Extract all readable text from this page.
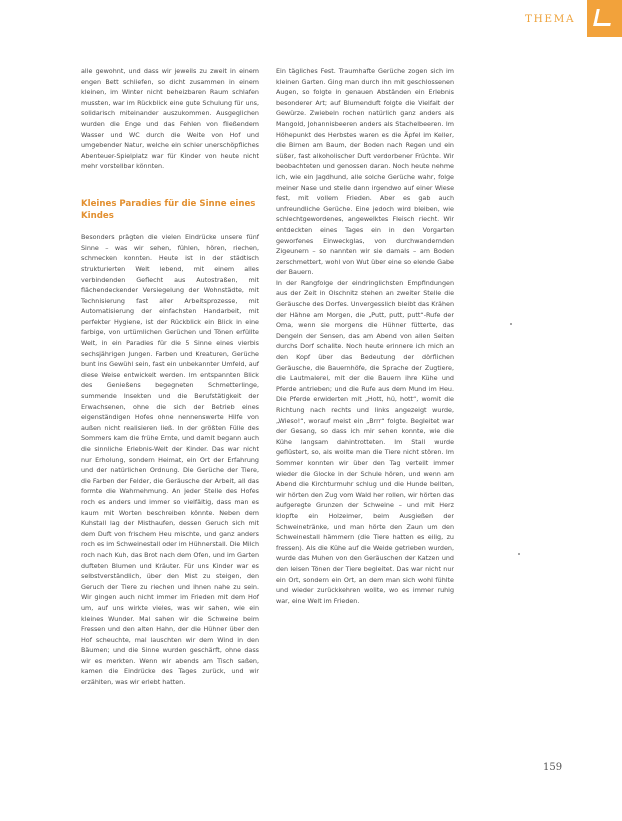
THEMA

alle gewohnt, und dass wir jeweils zu zweit in einem engen Bett schliefen, so dicht zusammen in einem kleinen, im Winter nicht beheizbaren Raum schlafen mussten, war im Rückblick eine gute Schulung für uns, solidarisch miteinander auszukommen. Ausgeglichen wurden die Enge und das Fehlen von fließendem Wasser und WC durch die Weite von Hof und umgebender Natur, welche ein schier unerschöpfliches Abenteuer-Spielplatz war für Kinder von heute nicht mehr vorstellbar könnten.

Kleines Paradies für die Sinne eines Kindes

Besonders prägten die vielen Eindrücke unsere fünf Sinne – was wir sehen, fühlen, hören, riechen, schmecken konnten. Heute ist in der städtisch strukturierten Welt lebend, mit einem alles verbindenden Geflecht aus Autostraßen, mit flächendeckender Versiegelung der Wohnstädte, mit Technisierung fast aller Arbeitsprozesse, mit Automatisierung der einfachsten Handarbeit, mit perfekter Hygiene, ist der Rückblick ein Blick in eine farbige, von urtümlichen Gerüchen und Tönen erfüllte Welt, in ein Paradies für die 5 Sinne eines vierbis sechsjährigen Jungen. Farben und Kreaturen, Gerüche bunt ins Gewühl sein, fast ein unbekannter Umfeld, auf diese Weise entwickelt werden. Im entspannten Blick des Genießens begegneten Schmetterlinge, summende Insekten und die Berufstätigkeit der Erwachsenen, ohne die sich der Betrieb eines eigenständigen Hofes ohne nennenswerte Hilfe von außen nicht realisieren ließ. In der größten Fülle des Sommers kam die frühe Ernte, und damit begann auch die sinnliche Erlebnis-Welt der Kinder. Das war nicht nur Erholung, sondern Heimat, ein Ort der Erfahrung und der natürlichen Ordnung. Die Gerüche der Tiere, die Farben der Felder, die Geräusche der Arbeit, all das formte die Wahrnehmung. An jeder Stelle des Hofes roch es anders und immer so vielfältig, dass man es kaum mit Worten beschreiben könnte. Neben dem Kuhstall lag der Misthaufen, dessen Geruch sich mit dem Duft von frischem Heu mischte, und ganz anders roch es im Schweinestall oder im Hühnerstall. Die Milch roch nach Kuh, das Brot nach dem Ofen, und im Garten dufteten Blumen und Kräuter. Für uns Kinder war es selbstverständlich, über den Mist zu steigen, den Geruch der Tiere zu riechen und ihnen nahe zu sein. Wir gingen auch nicht immer im Frieden mit dem Hof um, auf uns wirkte vieles, was wir sahen, wie ein kleines Wunder. Mal sahen wir die Schweine beim Fressen und den alten Hahn, der die Hühner über den Hof scheuchte, mal lauschten wir dem Wind in den Bäumen; und die Sinne wurden geschärft, ohne dass wir es merkten. Wenn wir abends am Tisch saßen, kamen die Eindrücke des Tages zurück, und wir erzählten, was wir erlebt hatten.

Ein tägliches Fest. Traumhafte Gerüche zogen sich im kleinen Garten. Ging man durch ihn mit geschlossenen Augen, so folgte in genauen Abständen ein Erlebnis besonderer Art; auf Blumenduft folgte die Vielfalt der Gewürze. Zwiebeln rochen natürlich ganz anders als Mangold, Johannisbeeren anders als Stachelbeeren. Im Höhepunkt des Herbstes waren es die Äpfel im Keller, die Birnen am Baum, der Boden nach Regen und ein süßer, fast alkoholischer Duft verdorbener Früchte. Wir beobachteten und genossen daran. Noch heute nehme ich, wie ein Jagdhund, alle solche Gerüche wahr, folge meiner Nase und stelle dann irgendwo auf einer Wiese fest, mit vollem Frieden. Aber es gab auch unfreundliche Gerüche. Eine jedoch wird bleiben, wie schlechtgewordenes, angewelktes Fleisch riecht. Wir entdeckten eines Tages ein in den Vorgarten geworfenes Einweckglas, von durchwandernden Zigeunern – so nannten wir sie damals – am Boden zerschmettert, wohl von Wut über eine so elende Gabe der Bauern.

In der Rangfolge der eindringlichsten Empfindungen aus der Zeit in Olschnitz stehen an zweiter Stelle die Geräusche des Dorfes. Unvergesslich bleibt das Krähen der Hähne am Morgen, die „Putt, putt, putt“-Rufe der Oma, wenn sie morgens die Hühner fütterte, das Dengeln der Sensen, das am Abend von allen Seiten durchs Dorf schallte. Noch heute erinnere ich mich an den Kopf über das Bedeutung der dörflichen Geräusche, die Bauernhöfe, die Sprache der Zugtiere, die Lautmalerei, mit der die Bauern ihre Kühe und Pferde antrieben; und die Rufe aus dem Mund im Heu. Die Pferde erwiderten mit „Hott, hü, hott“, womit die Richtung nach rechts und links angezeigt wurde, „Wieso!“, worauf meist ein „Brrr“ folgte. Begleitet war der Gesang, so dass ich mir sehen konnte, wie die Kühe langsam dahintrotteten. Im Stall wurde geflüstert, so, als wollte man die Tiere nicht stören. Im Sommer konnten wir über den Tag verteilt immer wieder die Glocke in der Schule hören, und wenn am Abend die Kirchturmuhr schlug und die Hunde bellten, wir hörten den Zug vom Wald her rollen, wir hörten das aufgeregte Grunzen der Schweine – und mit Herz klopfte ein Holzeimer, beim Ausgießen der Schweinetränke, und man hörte den Zaun um den Schweinestall hämmern (die Tiere hatten es eilig, zu fressen). Als die Kühe auf die Weide getrieben wurden, wurde das Muhen von den Geräuschen der Katzen und den leisen Tönen der Tiere begleitet. Das war nicht nur ein Ort, sondern ein Ort, an dem man sich wohl fühlte und wieder zurückkehren wollte, wo es immer ruhig war, eine Welt im Frieden.

159
